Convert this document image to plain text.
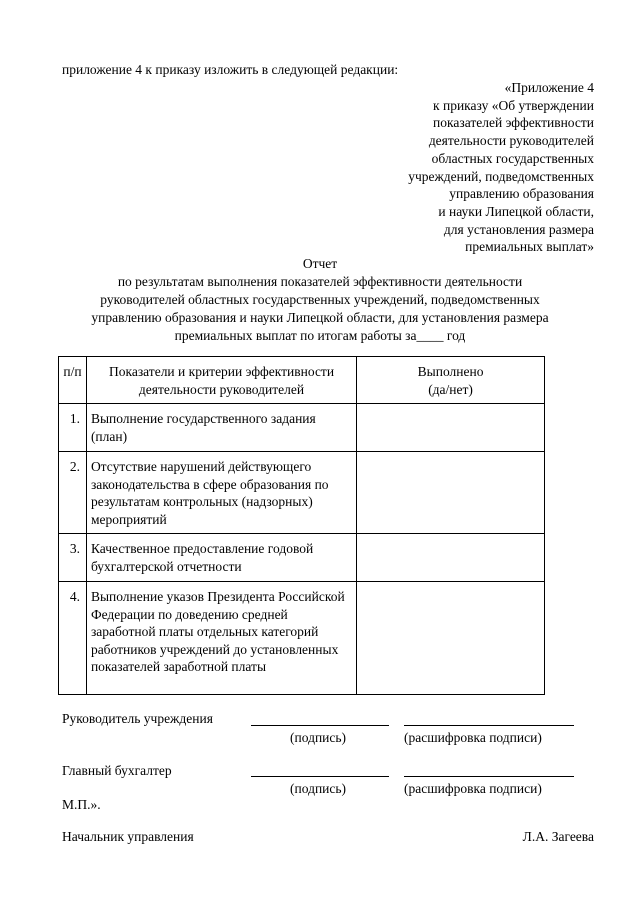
приложение 4 к приказу изложить в следующей редакции:
«Приложение 4
к приказу «Об утверждении
показателей эффективности
деятельности руководителей
областных государственных
учреждений, подведомственных
управлению образования
и науки Липецкой области,
для установления размера
премиальных выплат»
Отчет
по результатам выполнения показателей эффективности деятельности
руководителей областных государственных учреждений, подведомственных
управлению образования и науки Липецкой области, для установления размера
премиальных выплат по итогам работы за____ год
п/п	Показатели и критерии эффективности деятельности руководителей	Выполнено (да/нет)
1.	Выполнение государственного задания (план)	
2.	Отсутствие нарушений действующего законодательства в сфере образования по результатам контрольных (надзорных) мероприятий	
3.	Качественное предоставление годовой бухгалтерской отчетности	
4.	Выполнение указов Президента Российской Федерации по доведению средней заработной платы отдельных категорий работников учреждений до установленных показателей заработной платы	
Руководитель учреждения
(подпись)	(расшифровка подписи)
Главный бухгалтер
(подпись)	(расшифровка подписи)
М.П.».
Начальник управления	Л.А. Загеева
